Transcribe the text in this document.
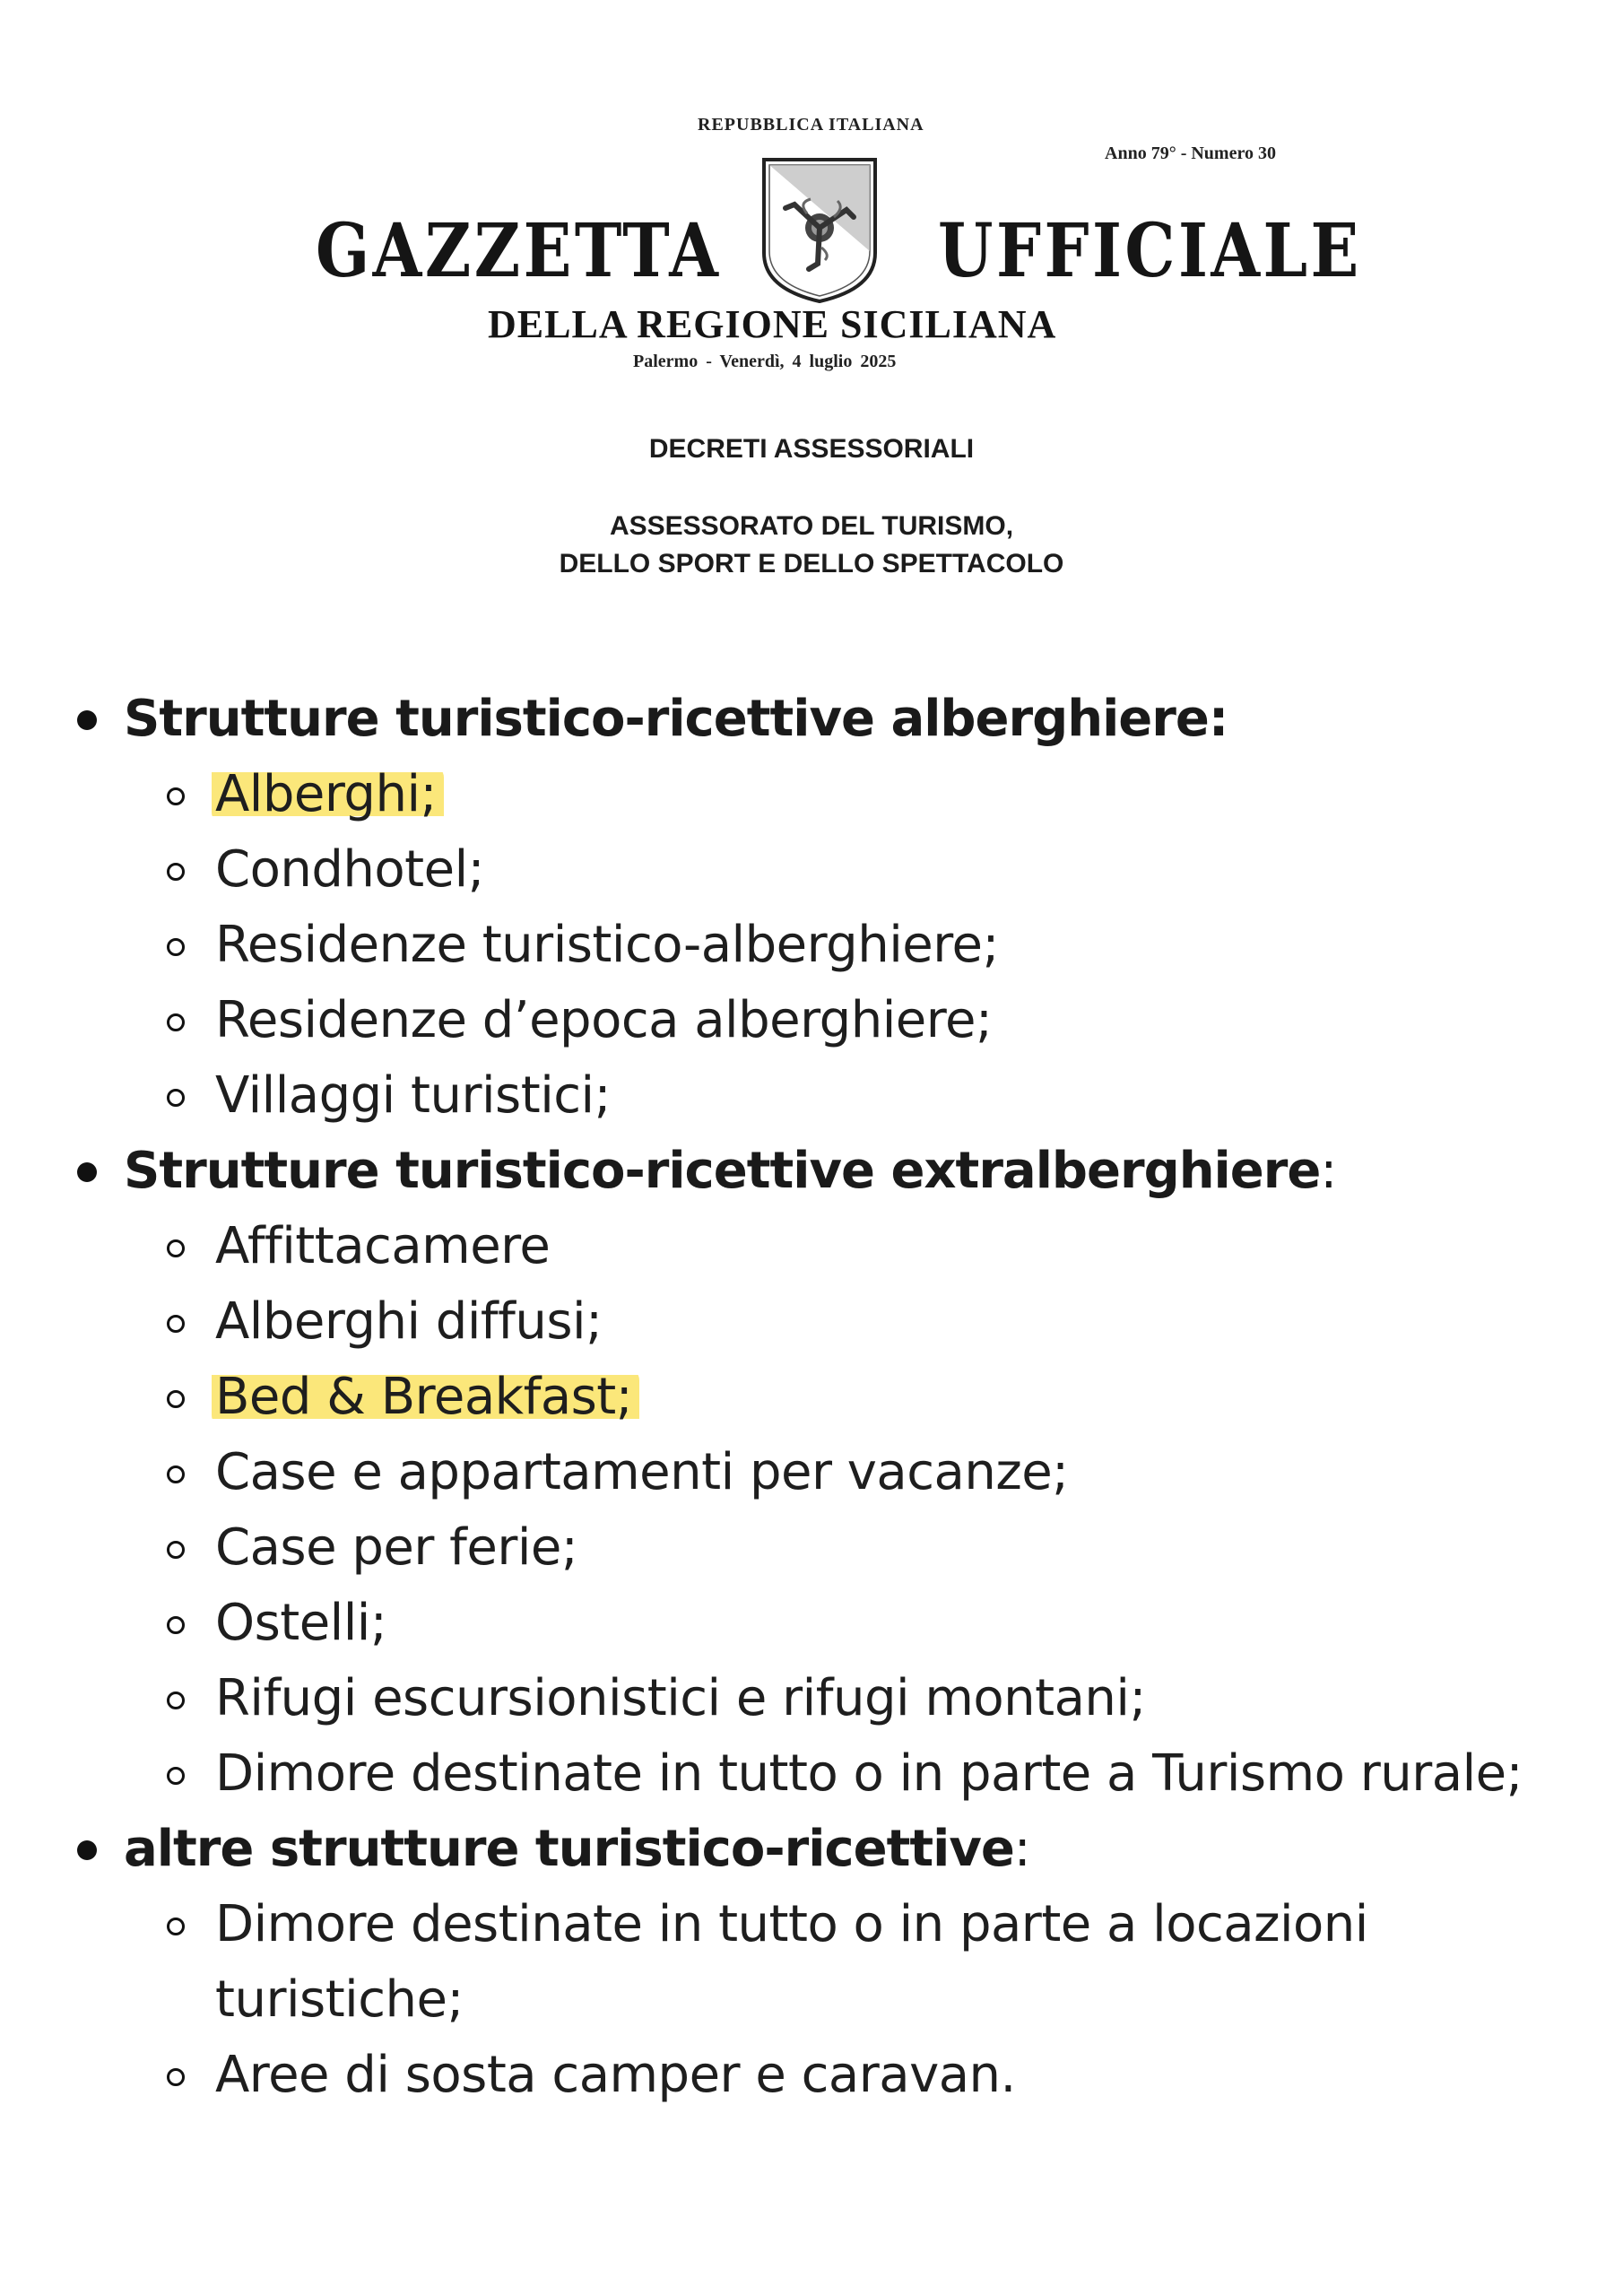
REPUBBLICA ITALIANA
Anno 79° - Numero 30
GAZZETTA	UFFICIALE
DELLA REGIONE SICILIANA
Palermo - Venerdì, 4 luglio 2025
DECRETI ASSESSORIALI
ASSESSORATO DEL TURISMO,
DELLO SPORT E DELLO SPETTACOLO
Strutture turistico-ricettive alberghiere:
Alberghi;
Condhotel;
Residenze turistico-alberghiere;
Residenze d’epoca alberghiere;
Villaggi turistici;
Strutture turistico-ricettive extralberghiere:
Affittacamere
Alberghi diffusi;
Bed & Breakfast;
Case e appartamenti per vacanze;
Case per ferie;
Ostelli;
Rifugi escursionistici e rifugi montani;
Dimore destinate in tutto o in parte a Turismo rurale;
altre strutture turistico-ricettive:
Dimore destinate in tutto o in parte a locazioni turistiche;
Aree di sosta camper e caravan.
